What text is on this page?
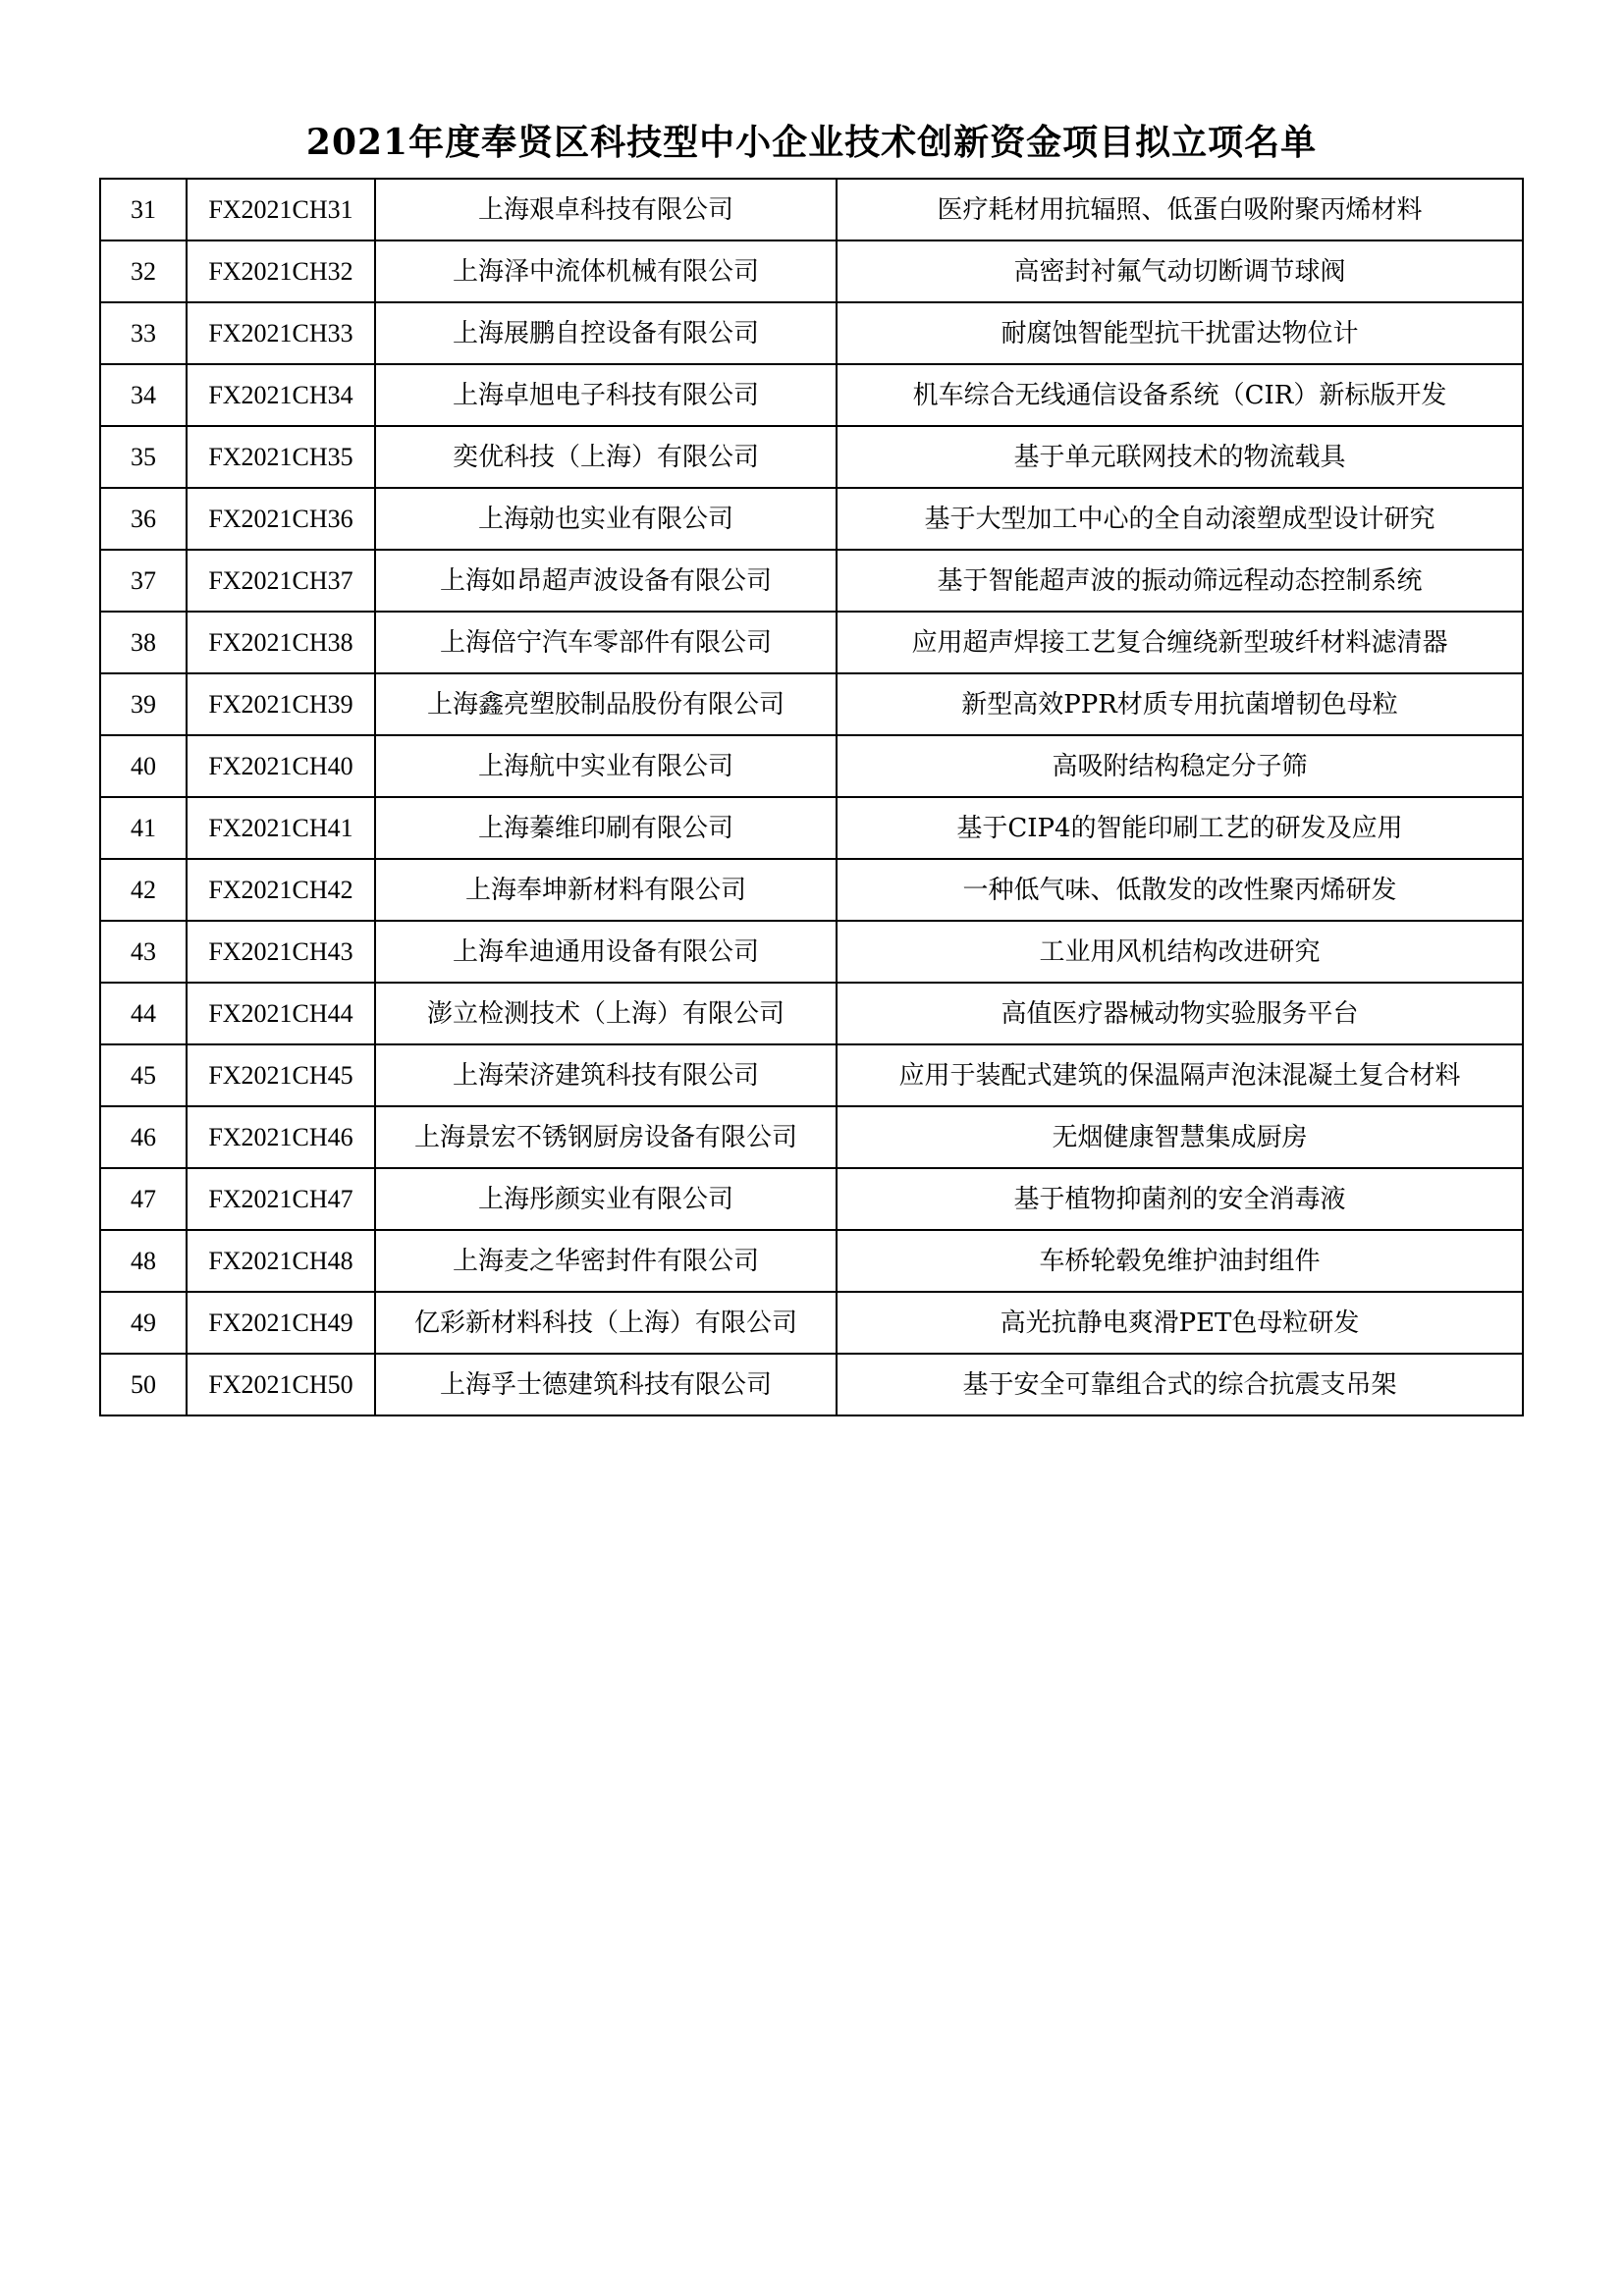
2021年度奉贤区科技型中小企业技术创新资金项目拟立项名单
31	FX2021CH31	上海艰卓科技有限公司	医疗耗材用抗辐照、低蛋白吸附聚丙烯材料
32	FX2021CH32	上海泽中流体机械有限公司	高密封衬氟气动切断调节球阀
33	FX2021CH33	上海展鹏自控设备有限公司	耐腐蚀智能型抗干扰雷达物位计
34	FX2021CH34	上海卓旭电子科技有限公司	机车综合无线通信设备系统（CIR）新标版开发
35	FX2021CH35	奕优科技（上海）有限公司	基于单元联网技术的物流载具
36	FX2021CH36	上海勍也实业有限公司	基于大型加工中心的全自动滚塑成型设计研究
37	FX2021CH37	上海如昂超声波设备有限公司	基于智能超声波的振动筛远程动态控制系统
38	FX2021CH38	上海倍宁汽车零部件有限公司	应用超声焊接工艺复合缠绕新型玻纤材料滤清器
39	FX2021CH39	上海鑫亮塑胶制品股份有限公司	新型高效PPR材质专用抗菌增韧色母粒
40	FX2021CH40	上海航中实业有限公司	高吸附结构稳定分子筛
41	FX2021CH41	上海蓁维印刷有限公司	基于CIP4的智能印刷工艺的研发及应用
42	FX2021CH42	上海奉坤新材料有限公司	一种低气味、低散发的改性聚丙烯研发
43	FX2021CH43	上海牟迪通用设备有限公司	工业用风机结构改进研究
44	FX2021CH44	澎立检测技术（上海）有限公司	高值医疗器械动物实验服务平台
45	FX2021CH45	上海荣济建筑科技有限公司	应用于装配式建筑的保温隔声泡沫混凝土复合材料
46	FX2021CH46	上海景宏不锈钢厨房设备有限公司	无烟健康智慧集成厨房
47	FX2021CH47	上海彤颜实业有限公司	基于植物抑菌剂的安全消毒液
48	FX2021CH48	上海麦之华密封件有限公司	车桥轮毂免维护油封组件
49	FX2021CH49	亿彩新材料科技（上海）有限公司	高光抗静电爽滑PET色母粒研发
50	FX2021CH50	上海孚士德建筑科技有限公司	基于安全可靠组合式的综合抗震支吊架
